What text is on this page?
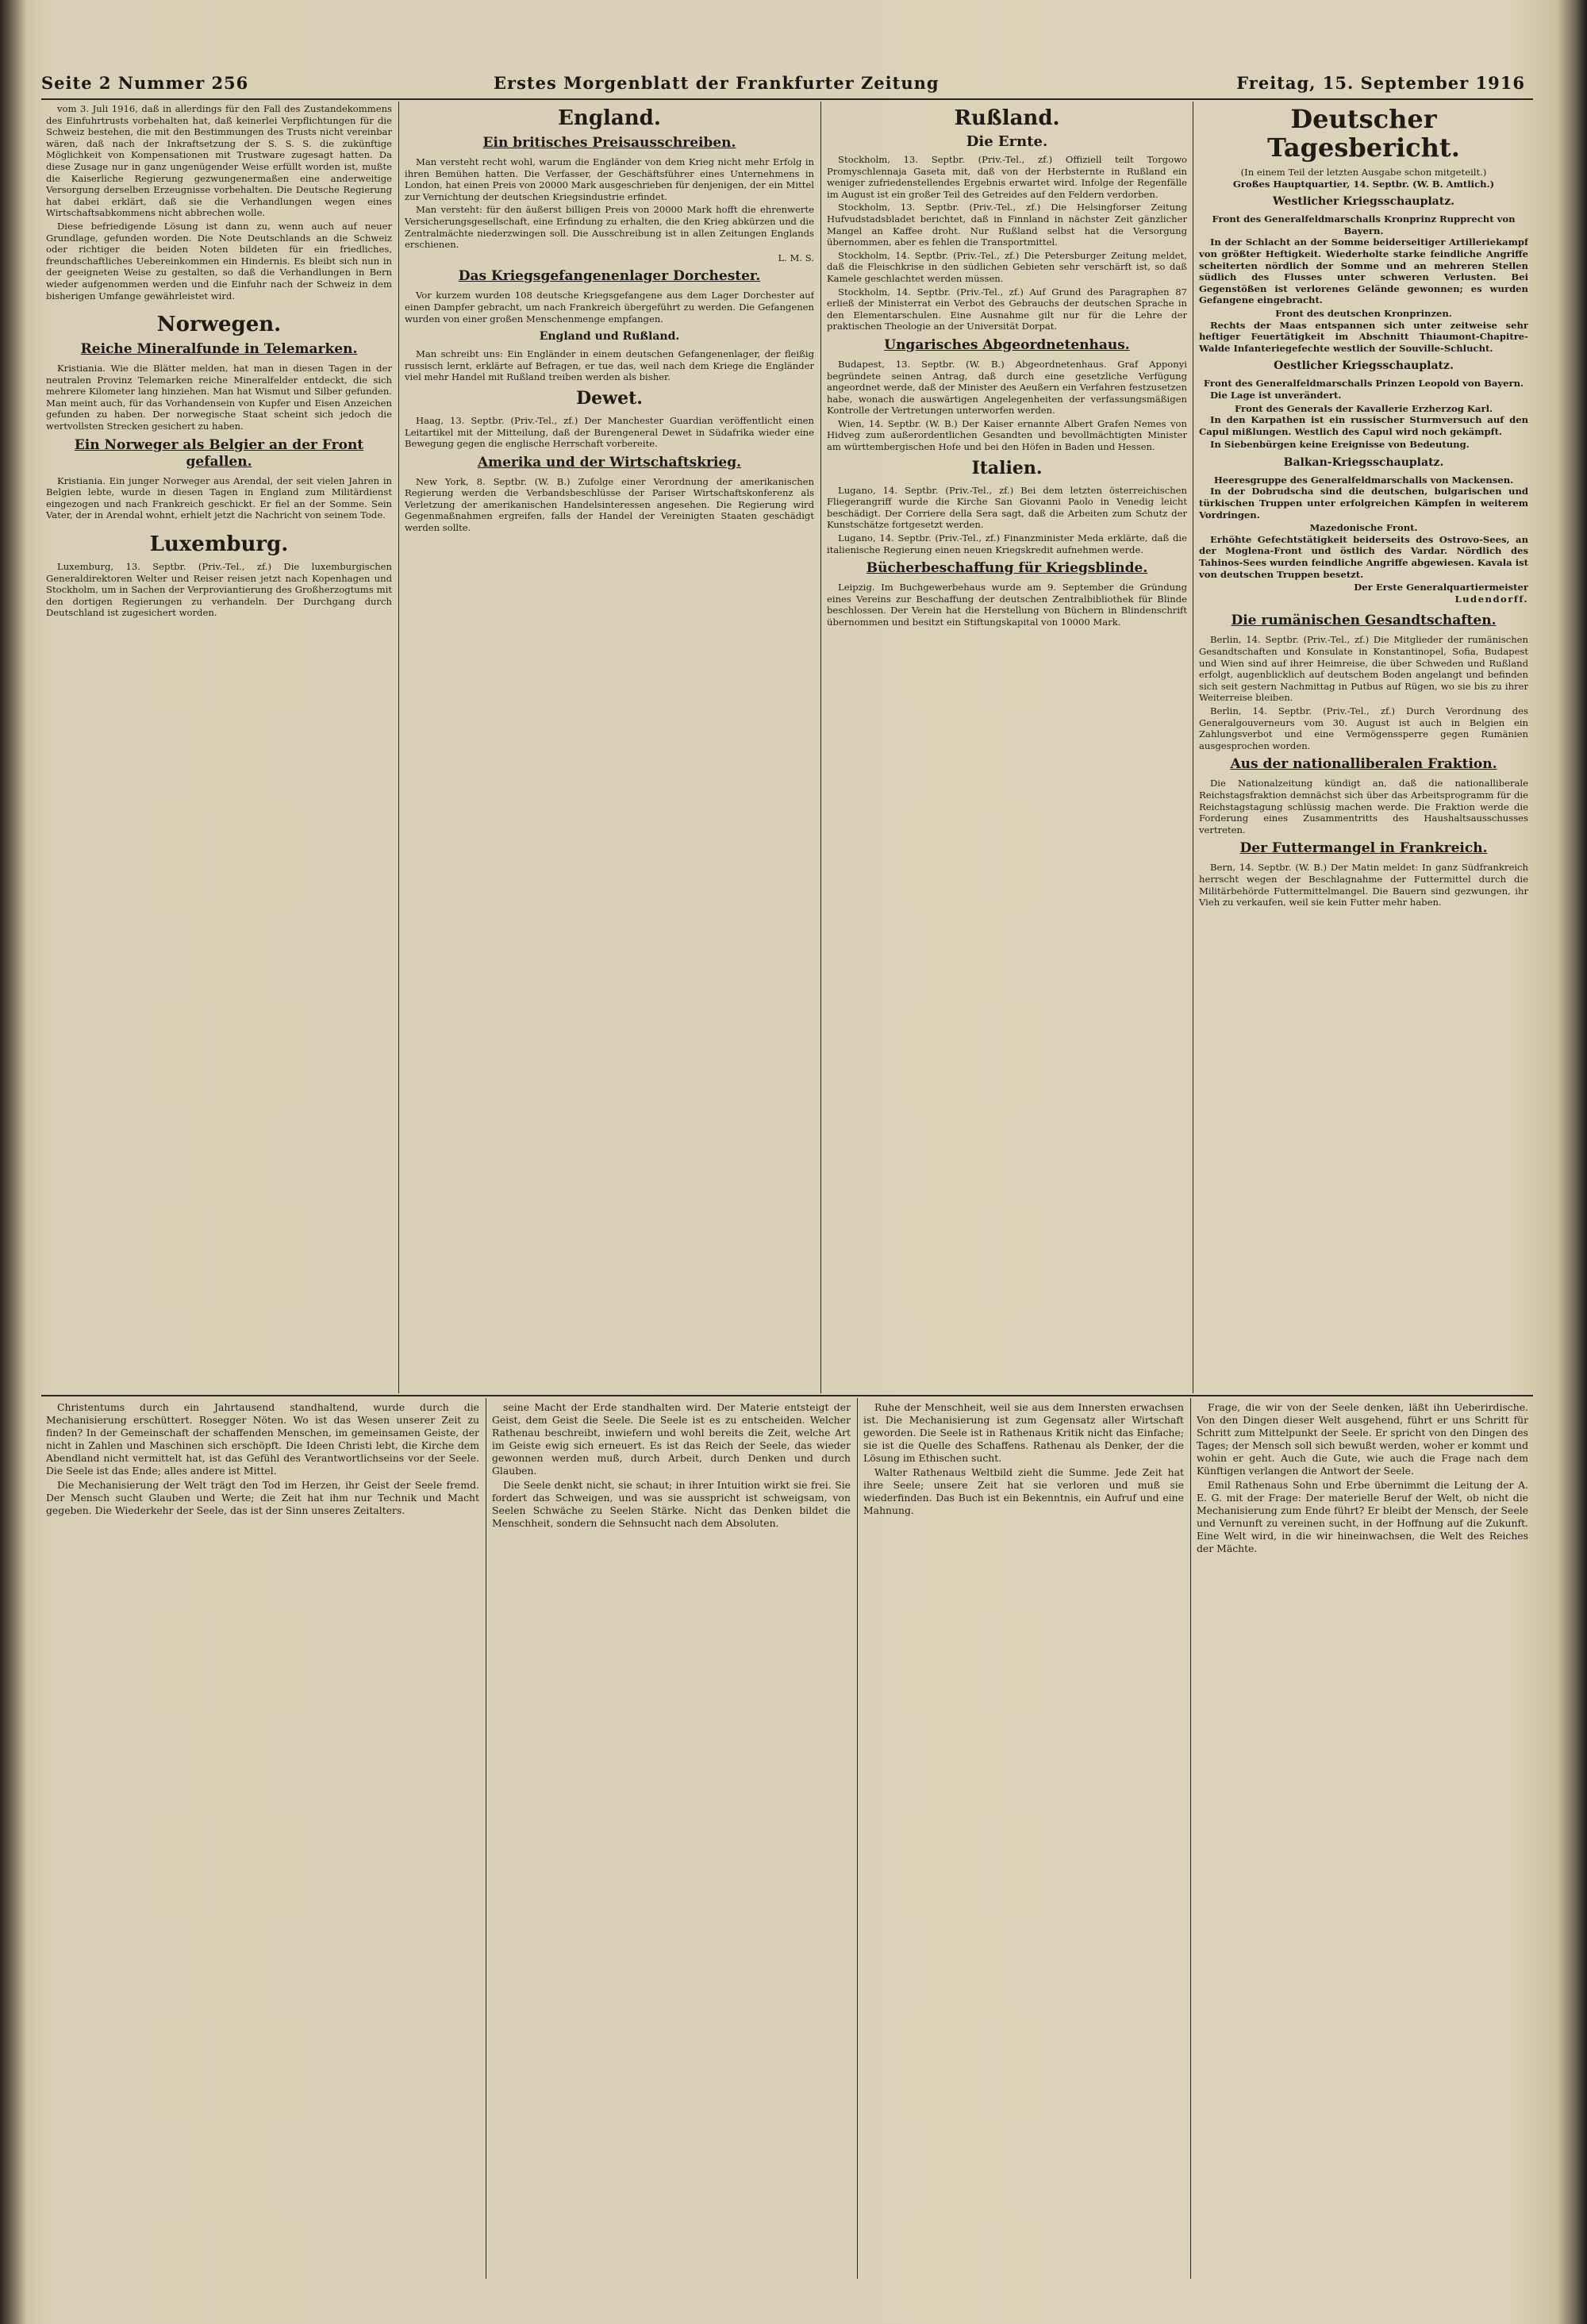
Seite 2 Nummer 256	Erstes Morgenblatt der Frankfurter Zeitung	Freitag, 15. September 1916

vom 3. Juli 1916, daß in allerdings für den Fall des Zustandekommens des Einfuhrtrusts vorbehalten hat, daß keinerlei Verpflichtungen für die Schweiz bestehen, die mit den Bestimmungen des Trusts nicht vereinbar wären, daß nach der Inkraftsetzung der S. S. S. die zukünftige Möglichkeit von Kompensationen mit Trustware zugesagt hatten. Da diese Zusage nur in ganz ungenügender Weise erfüllt worden ist, mußte die Kaiserliche Regierung gezwungenermaßen eine anderweitige Versorgung derselben Erzeugnisse vorbehalten. Die Deutsche Regierung hat dabei erklärt, daß sie die Verhandlungen wegen eines Wirtschaftsabkommens nicht abbrechen wolle.

Diese befriedigende Lösung ist dann zu, wenn auch auf neuer Grundlage, gefunden worden. Die Note Deutschlands an die Schweiz oder richtiger die beiden Noten bildeten für ein friedliches, freundschaftliches Uebereinkommen ein Hindernis. Es bleibt sich nun in der geeigneten Weise zu gestalten, so daß die Verhandlungen in Bern wieder aufgenommen werden und die Einfuhr nach der Schweiz in dem bisherigen Umfange gewährleistet wird.

Norwegen.
Reiche Mineralfunde in Telemarken.

Kristiania. Wie die Blätter melden, hat man in diesen Tagen in der neutralen Provinz Telemarken reiche Mineralfelder entdeckt, die sich mehrere Kilometer lang hinziehen. Man hat Wismut und Silber gefunden. Man meint auch, für das Vorhandensein von Kupfer und Eisen Anzeichen gefunden zu haben. Der norwegische Staat scheint sich jedoch die wertvollsten Strecken gesichert zu haben.

Ein Norweger als Belgier an der Front gefallen.

Kristiania. Ein junger Norweger aus Arendal, der seit vielen Jahren in Belgien lebte, wurde in diesen Tagen in England zum Militärdienst eingezogen und nach Frankreich geschickt. Er fiel an der Somme. Sein Vater, der in Arendal wohnt, erhielt jetzt die Nachricht von seinem Tode.

Luxemburg.

Luxemburg, 13. Septbr. (Priv.-Tel., zf.) Die luxemburgischen Generaldirektoren Welter und Reiser reisen jetzt nach Kopenhagen und Stockholm, um in Sachen der Verproviantierung des Großherzogtums mit den dortigen Regierungen zu verhandeln. Der Durchgang durch Deutschland ist zugesichert worden.

England.
Ein britisches Preisausschreiben.

Man versteht recht wohl, warum die Engländer von dem Krieg nicht mehr Erfolg in ihren Bemühen hatten. Die Verfasser, der Geschäftsführer eines Unternehmens in London, hat einen Preis von 20000 Mark ausgeschrieben für denjenigen, der ein Mittel zur Vernichtung der deutschen Kriegsindustrie erfindet.

Man versteht: für den äußerst billigen Preis von 20000 Mark hofft die ehrenwerte Versicherungsgesellschaft, eine Erfindung zu erhalten, die den Krieg abkürzen und die Zentralmächte niederzwingen soll. Die Ausschreibung ist in allen Zeitungen Englands erschienen.

L. M. S.
Das Kriegsgefangenenlager Dorchester.

Vor kurzem wurden 108 deutsche Kriegsgefangene aus dem Lager Dorchester auf einen Dampfer gebracht, um nach Frankreich übergeführt zu werden. Die Gefangenen wurden von einer großen Menschenmenge empfangen.

England und Rußland.

Man schreibt uns: Ein Engländer in einem deutschen Gefangenenlager, der fleißig russisch lernt, erklärte auf Befragen, er tue das, weil nach dem Kriege die Engländer viel mehr Handel mit Rußland treiben werden als bisher.

Dewet.

Haag, 13. Septbr. (Priv.-Tel., zf.) Der Manchester Guardian veröffentlicht einen Leitartikel mit der Mitteilung, daß der Burengeneral Dewet in Südafrika wieder eine Bewegung gegen die englische Herrschaft vorbereite.

Amerika und der Wirtschaftskrieg.

New York, 8. Septbr. (W. B.) Zufolge einer Verordnung der amerikanischen Regierung werden die Verbandsbeschlüsse der Pariser Wirtschaftskonferenz als Verletzung der amerikanischen Handelsinteressen angesehen. Die Regierung wird Gegenmaßnahmen ergreifen, falls der Handel der Vereinigten Staaten geschädigt werden sollte.

Rußland.
Die Ernte.

Stockholm, 13. Septbr. (Priv.-Tel., zf.) Offiziell teilt Torgowo Promyschlennaja Gaseta mit, daß von der Herbsternte in Rußland ein weniger zufriedenstellendes Ergebnis erwartet wird. Infolge der Regenfälle im August ist ein großer Teil des Getreides auf den Feldern verdorben.

Stockholm, 13. Septbr. (Priv.-Tel., zf.) Die Helsingforser Zeitung Hufvudstadsbladet berichtet, daß in Finnland in nächster Zeit gänzlicher Mangel an Kaffee droht. Nur Rußland selbst hat die Versorgung übernommen, aber es fehlen die Transportmittel.

Stockholm, 14. Septbr. (Priv.-Tel., zf.) Die Petersburger Zeitung meldet, daß die Fleischkrise in den südlichen Gebieten sehr verschärft ist, so daß Kamele geschlachtet werden müssen.

Stockholm, 14. Septbr. (Priv.-Tel., zf.) Auf Grund des Paragraphen 87 erließ der Ministerrat ein Verbot des Gebrauchs der deutschen Sprache in den Elementarschulen. Eine Ausnahme gilt nur für die Lehre der praktischen Theologie an der Universität Dorpat.

Ungarisches Abgeordnetenhaus.

Budapest, 13. Septbr. (W. B.) Abgeordnetenhaus. Graf Apponyi begründete seinen Antrag, daß durch eine gesetzliche Verfügung angeordnet werde, daß der Minister des Aeußern ein Verfahren festzusetzen habe, wonach die auswärtigen Angelegenheiten der verfassungsmäßigen Kontrolle der Vertretungen unterworfen werden.

Wien, 14. Septbr. (W. B.) Der Kaiser ernannte Albert Grafen Nemes von Hidveg zum außerordentlichen Gesandten und bevollmächtigten Minister am württembergischen Hofe und bei den Höfen in Baden und Hessen.

Italien.

Lugano, 14. Septbr. (Priv.-Tel., zf.) Bei dem letzten österreichischen Fliegerangriff wurde die Kirche San Giovanni Paolo in Venedig leicht beschädigt. Der Corriere della Sera sagt, daß die Arbeiten zum Schutz der Kunstschätze fortgesetzt werden.

Lugano, 14. Septbr. (Priv.-Tel., zf.) Finanzminister Meda erklärte, daß die italienische Regierung einen neuen Kriegskredit aufnehmen werde.

Bücherbeschaffung für Kriegsblinde.

Leipzig. Im Buchgewerbehaus wurde am 9. September die Gründung eines Vereins zur Beschaffung der deutschen Zentralbibliothek für Blinde beschlossen. Der Verein hat die Herstellung von Büchern in Blindenschrift übernommen und besitzt ein Stiftungskapital von 10000 Mark.

Deutscher Tagesbericht.
(In einem Teil der letzten Ausgabe schon mitgeteilt.)
Großes Hauptquartier, 14. Septbr. (W. B. Amtlich.)
Westlicher Kriegsschauplatz.
Front des Generalfeldmarschalls Kronprinz Rupprecht von Bayern.

In der Schlacht an der Somme beiderseitiger Artilleriekampf von größter Heftigkeit. Wiederholte starke feindliche Angriffe scheiterten nördlich der Somme und an mehreren Stellen südlich des Flusses unter schweren Verlusten. Bei Gegenstößen ist verlorenes Gelände gewonnen; es wurden Gefangene eingebracht.

Front des deutschen Kronprinzen.

Rechts der Maas entspannen sich unter zeitweise sehr heftiger Feuertätigkeit im Abschnitt Thiaumont-Chapitre-Walde Infanteriegefechte westlich der Souville-Schlucht.

Oestlicher Kriegsschauplatz.
Front des Generalfeldmarschalls Prinzen Leopold von Bayern.

Die Lage ist unverändert.

Front des Generals der Kavallerie Erzherzog Karl.

In den Karpathen ist ein russischer Sturmversuch auf den Capul mißlungen. Westlich des Capul wird noch gekämpft.

In Siebenbürgen keine Ereignisse von Bedeutung.

Balkan-Kriegsschauplatz.
Heeresgruppe des Generalfeldmarschalls von Mackensen.

In der Dobrudscha sind die deutschen, bulgarischen und türkischen Truppen unter erfolgreichen Kämpfen in weiterem Vordringen.

Mazedonische Front.

Erhöhte Gefechtstätigkeit beiderseits des Ostrovo-Sees, an der Moglena-Front und östlich des Vardar. Nördlich des Tahinos-Sees wurden feindliche Angriffe abgewiesen. Kavala ist von deutschen Truppen besetzt.

Der Erste Generalquartiermeister
Ludendorff.
Die rumänischen Gesandtschaften.

Berlin, 14. Septbr. (Priv.-Tel., zf.) Die Mitglieder der rumänischen Gesandtschaften und Konsulate in Konstantinopel, Sofia, Budapest und Wien sind auf ihrer Heimreise, die über Schweden und Rußland erfolgt, augenblicklich auf deutschem Boden angelangt und befinden sich seit gestern Nachmittag in Putbus auf Rügen, wo sie bis zu ihrer Weiterreise bleiben.

Berlin, 14. Septbr. (Priv.-Tel., zf.) Durch Verordnung des Generalgouverneurs vom 30. August ist auch in Belgien ein Zahlungsverbot und eine Vermögenssperre gegen Rumänien ausgesprochen worden.

Aus der nationalliberalen Fraktion.

Die Nationalzeitung kündigt an, daß die nationalliberale Reichstagsfraktion demnächst sich über das Arbeitsprogramm für die Reichstagstagung schlüssig machen werde. Die Fraktion werde die Forderung eines Zusammentritts des Haushaltsausschusses vertreten.

Der Futtermangel in Frankreich.

Bern, 14. Septbr. (W. B.) Der Matin meldet: In ganz Südfrankreich herrscht wegen der Beschlagnahme der Futtermittel durch die Militärbehörde Futtermittelmangel. Die Bauern sind gezwungen, ihr Vieh zu verkaufen, weil sie kein Futter mehr haben.

Christentums durch ein Jahrtausend standhaltend, wurde durch die Mechanisierung erschüttert. Rosegger Nöten. Wo ist das Wesen unserer Zeit zu finden? In der Gemeinschaft der schaffenden Menschen, im gemeinsamen Geiste, der nicht in Zahlen und Maschinen sich erschöpft. Die Ideen Christi lebt, die Kirche dem Abendland nicht vermittelt hat, ist das Gefühl des Verantwortlichseins vor der Seele. Die Seele ist das Ende; alles andere ist Mittel.

Die Mechanisierung der Welt trägt den Tod im Herzen, ihr Geist der Seele fremd. Der Mensch sucht Glauben und Werte; die Zeit hat ihm nur Technik und Macht gegeben. Die Wiederkehr der Seele, das ist der Sinn unseres Zeitalters.

seine Macht der Erde standhalten wird. Der Materie entsteigt der Geist, dem Geist die Seele. Die Seele ist es zu entscheiden. Welcher Rathenau beschreibt, inwiefern und wohl bereits die Zeit, welche Art im Geiste ewig sich erneuert. Es ist das Reich der Seele, das wieder gewonnen werden muß, durch Arbeit, durch Denken und durch Glauben.

Die Seele denkt nicht, sie schaut; in ihrer Intuition wirkt sie frei. Sie fordert das Schweigen, und was sie ausspricht ist schweigsam, von Seelen Schwäche zu Seelen Stärke. Nicht das Denken bildet die Menschheit, sondern die Sehnsucht nach dem Absoluten.

Ruhe der Menschheit, weil sie aus dem Innersten erwachsen ist. Die Mechanisierung ist zum Gegensatz aller Wirtschaft geworden. Die Seele ist in Rathenaus Kritik nicht das Einfache; sie ist die Quelle des Schaffens. Rathenau als Denker, der die Lösung im Ethischen sucht.

Walter Rathenaus Weltbild zieht die Summe. Jede Zeit hat ihre Seele; unsere Zeit hat sie verloren und muß sie wiederfinden. Das Buch ist ein Bekenntnis, ein Aufruf und eine Mahnung.

Frage, die wir von der Seele denken, läßt ihn Ueberirdische. Von den Dingen dieser Welt ausgehend, führt er uns Schritt für Schritt zum Mittelpunkt der Seele. Er spricht von den Dingen des Tages; der Mensch soll sich bewußt werden, woher er kommt und wohin er geht. Auch die Gute, wie auch die Frage nach dem Künftigen verlangen die Antwort der Seele.

Emil Rathenaus Sohn und Erbe übernimmt die Leitung der A. E. G. mit der Frage: Der materielle Beruf der Welt, ob nicht die Mechanisierung zum Ende führt? Er bleibt der Mensch, der Seele und Vernunft zu vereinen sucht, in der Hoffnung auf die Zukunft. Eine Welt wird, in die wir hineinwachsen, die Welt des Reiches der Mächte.
